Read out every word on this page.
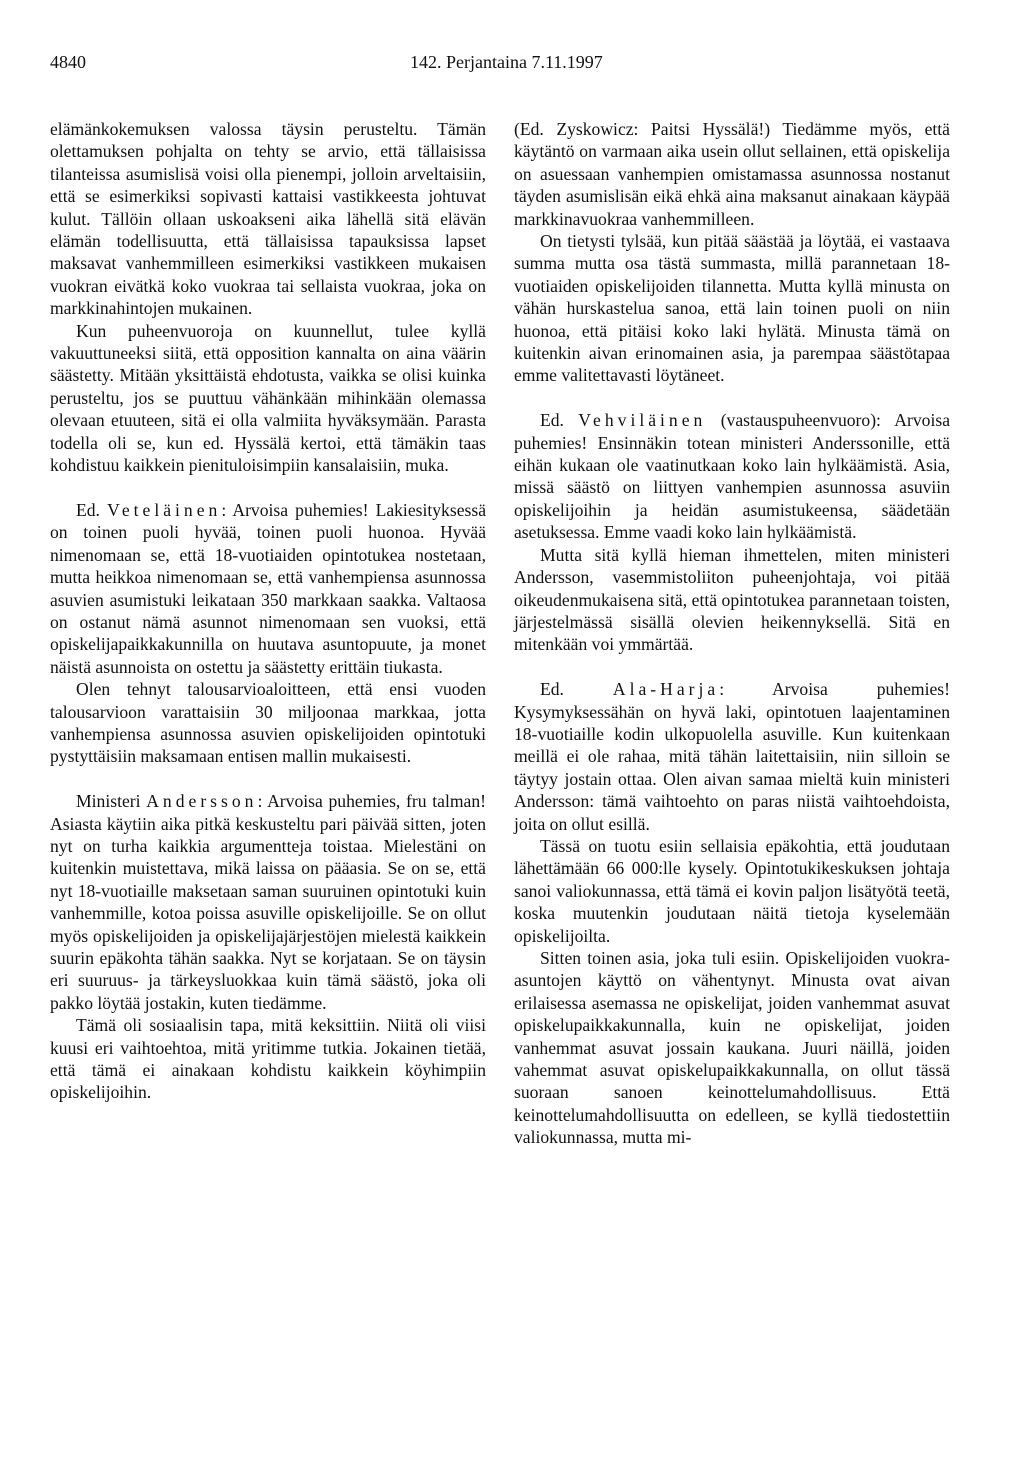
4840	142. Perjantaina 7.11.1997

elämänkokemuksen valossa täysin perusteltu. Tämän olettamuksen pohjalta on tehty se arvio, että tällaisissa tilanteissa asumislisä voisi olla pienempi, jolloin arveltaisiin, että se esimerkiksi sopivasti kattaisi vastikkeesta johtuvat kulut. Tällöin ollaan uskoakseni aika lähellä sitä elävän elämän todellisuutta, että tällaisissa tapauksissa lapset maksavat vanhemmilleen esimerkiksi vastikkeen mukaisen vuokran eivätkä koko vuokraa tai sellaista vuokraa, joka on markkinahintojen mukainen.

Kun puheenvuoroja on kuunnellut, tulee kyllä vakuuttuneeksi siitä, että opposition kannalta on aina väärin säästetty. Mitään yksittäistä ehdotusta, vaikka se olisi kuinka perusteltu, jos se puuttuu vähänkään mihinkään olemassa olevaan etuuteen, sitä ei olla valmiita hyväksymään. Parasta todella oli se, kun ed. Hyssälä kertoi, että tämäkin taas kohdistuu kaikkein pienituloisimpiin kansalaisiin, muka.

Ed. Veteläinen: Arvoisa puhemies! Lakiesityksessä on toinen puoli hyvää, toinen puoli huonoa. Hyvää nimenomaan se, että 18-vuotiaiden opintotukea nostetaan, mutta heikkoa nimenomaan se, että vanhempiensa asunnossa asuvien asumistuki leikataan 350 markkaan saakka. Valtaosa on ostanut nämä asunnot nimenomaan sen vuoksi, että opiskelijapaikkakunnilla on huutava asuntopuute, ja monet näistä asunnoista on ostettu ja säästetty erittäin tiukasta.

Olen tehnyt talousarvioaloitteen, että ensi vuoden talousarvioon varattaisiin 30 miljoonaa markkaa, jotta vanhempiensa asunnossa asuvien opiskelijoiden opintotuki pystyttäisiin maksamaan entisen mallin mukaisesti.

Ministeri Andersson: Arvoisa puhemies, fru talman! Asiasta käytiin aika pitkä keskusteltu pari päivää sitten, joten nyt on turha kaikkia argumentteja toistaa. Mielestäni on kuitenkin muistettava, mikä laissa on pääasia. Se on se, että nyt 18-vuotiaille maksetaan saman suuruinen opintotuki kuin vanhemmille, kotoa poissa asuville opiskelijoille. Se on ollut myös opiskelijoiden ja opiskelijajärjestöjen mielestä kaikkein suurin epäkohta tähän saakka. Nyt se korjataan. Se on täysin eri suuruus- ja tärkeysluokkaa kuin tämä säästö, joka oli pakko löytää jostakin, kuten tiedämme.

Tämä oli sosiaalisin tapa, mitä keksittiin. Niitä oli viisi kuusi eri vaihtoehtoa, mitä yritimme tutkia. Jokainen tietää, että tämä ei ainakaan kohdistu kaikkein köyhimpiin opiskelijoihin.

(Ed. Zyskowicz: Paitsi Hyssälä!) Tiedämme myös, että käytäntö on varmaan aika usein ollut sellainen, että opiskelija on asuessaan vanhempien omistamassa asunnossa nostanut täyden asumislisän eikä ehkä aina maksanut ainakaan käypää markkinavuokraa vanhemmilleen.

On tietysti tylsää, kun pitää säästää ja löytää, ei vastaava summa mutta osa tästä summasta, millä parannetaan 18-vuotiaiden opiskelijoiden tilannetta. Mutta kyllä minusta on vähän hurskastelua sanoa, että lain toinen puoli on niin huonoa, että pitäisi koko laki hylätä. Minusta tämä on kuitenkin aivan erinomainen asia, ja parempaa säästötapaa emme valitettavasti löytäneet.

Ed. Vehviläinen (vastauspuheenvuoro): Arvoisa puhemies! Ensinnäkin totean ministeri Anderssonille, että eihän kukaan ole vaatinutkaan koko lain hylkäämistä. Asia, missä säästö on liittyen vanhempien asunnossa asuviin opiskelijoihin ja heidän asumistukeensa, säädetään asetuksessa. Emme vaadi koko lain hylkäämistä.

Mutta sitä kyllä hieman ihmettelen, miten ministeri Andersson, vasemmistoliiton puheenjohtaja, voi pitää oikeudenmukaisena sitä, että opintotukea parannetaan toisten, järjestelmässä sisällä olevien heikennyksellä. Sitä en mitenkään voi ymmärtää.

Ed.	Ala-Harja: Arvoisa puhemies! Kysymyksessähän on hyvä laki, opintotuen laajentaminen 18-vuotiaille kodin ulkopuolella asuville. Kun kuitenkaan meillä ei ole rahaa, mitä tähän laitettaisiin, niin silloin se täytyy jostain ottaa. Olen aivan samaa mieltä kuin ministeri Andersson: tämä vaihtoehto on paras niistä vaihtoehdoista, joita on ollut esillä.

Tässä on tuotu esiin sellaisia epäkohtia, että joudutaan lähettämään 66 000:lle kysely. Opintotukikeskuksen johtaja sanoi valiokunnassa, että tämä ei kovin paljon lisätyötä teetä, koska muutenkin joudutaan näitä tietoja kyselemään opiskelijoilta.

Sitten toinen asia, joka tuli esiin. Opiskelijoiden vuokra-asuntojen käyttö on vähentynyt. Minusta ovat aivan erilaisessa asemassa ne opiskelijat, joiden vanhemmat asuvat opiskelupaikkakunnalla, kuin ne opiskelijat, joiden vanhemmat asuvat jossain kaukana. Juuri näillä, joiden vahemmat asuvat opiskelupaikkakunnalla, on ollut tässä suoraan sanoen keinottelumahdollisuus. Että keinottelumahdollisuutta on edelleen, se kyllä tiedostettiin valiokunnassa, mutta mi-
